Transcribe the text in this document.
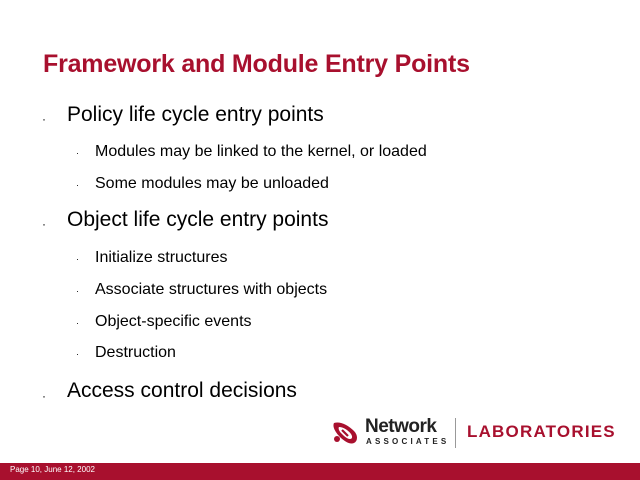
Framework and Module Entry Points
· Policy life cycle entry points
· Modules may be linked to the kernel, or loaded
· Some modules may be unloaded
· Object life cycle entry points
· Initialize structures
· Associate structures with objects
· Object-specific events
· Destruction
· Access control decisions
Network
ASSOCIATES
LABORATORIES
Page 10, June 12, 2002
